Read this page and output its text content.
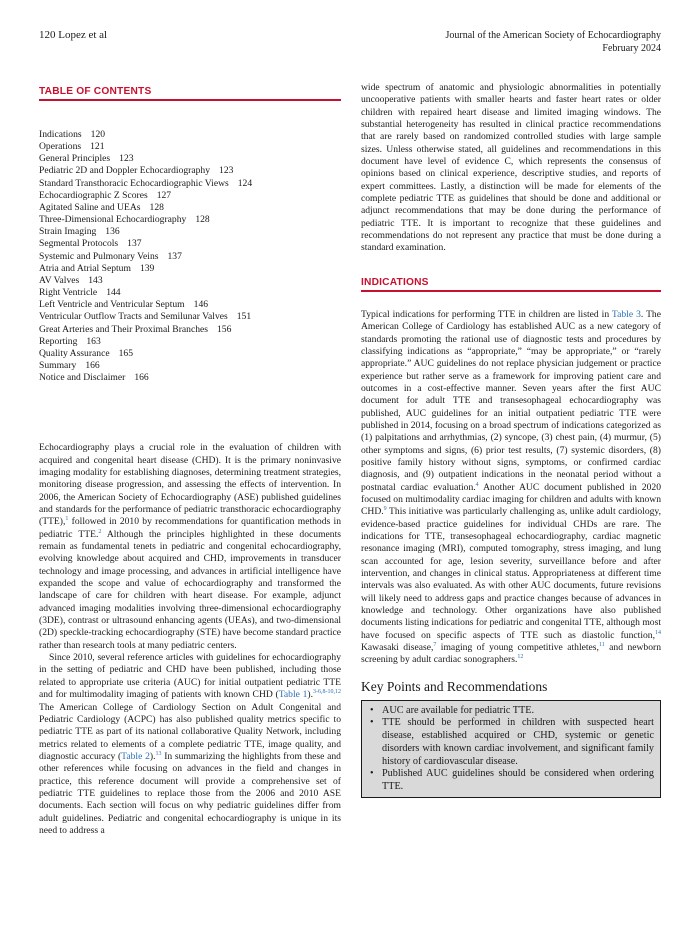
120 Lopez et al	Journal of the American Society of Echocardiography
February 2024
TABLE OF CONTENTS
Indications 120
Operations 121
General Principles 123
Pediatric 2D and Doppler Echocardiography 123
Standard Transthoracic Echocardiographic Views 124
Echocardiographic Z Scores 127
Agitated Saline and UEAs 128
Three-Dimensional Echocardiography 128
Strain Imaging 136
Segmental Protocols 137
Systemic and Pulmonary Veins 137
Atria and Atrial Septum 139
AV Valves 143
Right Ventricle 144
Left Ventricle and Ventricular Septum 146
Ventricular Outflow Tracts and Semilunar Valves 151
Great Arteries and Their Proximal Branches 156
Reporting 163
Quality Assurance 165
Summary 166
Notice and Disclaimer 166

Echocardiography plays a crucial role in the evaluation of children with acquired and congenital heart disease (CHD). It is the primary noninvasive imaging modality for establishing diagnoses, determining treatment strategies, monitoring disease progression, and assessing the effects of intervention. In 2006, the American Society of Echocardiography (ASE) published guidelines and standards for the performance of pediatric transthoracic echocardiography (TTE),$^1$ followed in 2010 by recommendations for quantification methods in pediatric TTE.$^2$ Although the principles highlighted in these documents remain as fundamental tenets in pediatric and congenital echocardiography, evolving knowledge about acquired and CHD, improvements in transducer technology and image processing, and advances in artificial intelligence have expanded the scope and value of echocardiography and transformed the landscape of care for children with heart disease. For example, adjunct advanced imaging modalities involving three-dimensional echocardiography (3DE), contrast or ultrasound enhancing agents (UEAs), and two-dimensional (2D) speckle-tracking echocardiography (STE) have become standard practice rather than research tools at many pediatric centers.

Since 2010, several reference articles with guidelines for echocardiography in the setting of pediatric and CHD have been published, including those related to appropriate use criteria (AUC) for initial outpatient pediatric TTE and for multimodality imaging of patients with known CHD (Table 1).$^{3-6,8-10,12}$ The American College of Cardiology Section on Adult Congenital and Pediatric Cardiology (ACPC) has also published quality metrics specific to pediatric TTE as part of its national collaborative Quality Network, including metrics related to elements of a complete pediatric TTE, image quality, and diagnostic accuracy (Table 2).$^{13}$ In summarizing the highlights from these and other references while focusing on advances in the field and changes in practice, this reference document will provide a comprehensive set of pediatric TTE guidelines to replace those from the 2006 and 2010 ASE documents. Each section will focus on why pediatric guidelines differ from adult guidelines. Pediatric and congenital echocardiography is unique in its need to address a

wide spectrum of anatomic and physiologic abnormalities in potentially uncooperative patients with smaller hearts and faster heart rates or older children with repaired heart disease and limited imaging windows. The substantial heterogeneity has resulted in clinical practice recommendations that are rarely based on randomized controlled studies with large sample sizes. Unless otherwise stated, all guidelines and recommendations in this document have level of evidence C, which represents the consensus of opinions based on clinical experience, descriptive studies, and reports of expert committees. Lastly, a distinction will be made for elements of the complete pediatric TTE as guidelines that should be done and additional or adjunct recommendations that may be done during the performance of pediatric TTE. It is important to recognize that these guidelines and recommendations do not represent any practice that must be done during a standard examination.

INDICATIONS

Typical indications for performing TTE in children are listed in Table 3. The American College of Cardiology has established AUC as a new category of standards promoting the rational use of diagnostic tests and procedures by classifying indications as “appropriate,” “may be appropriate,” or “rarely appropriate.” AUC guidelines do not replace physician judgement or practice experience but rather serve as a framework for improving patient care and outcomes in a cost-effective manner. Seven years after the first AUC document for adult TTE and transesophageal echocardiography was published, AUC guidelines for an initial outpatient pediatric TTE were published in 2014, focusing on a broad spectrum of indications categorized as (1) palpitations and arrhythmias, (2) syncope, (3) chest pain, (4) murmur, (5) other symptoms and signs, (6) prior test results, (7) systemic disorders, (8) positive family history without signs, symptoms, or confirmed cardiac diagnosis, and (9) outpatient indications in the neonatal period without a postnatal cardiac evaluation.$^4$ Another AUC document published in 2020 focused on multimodality cardiac imaging for children and adults with known CHD.$^9$ This initiative was particularly challenging as, unlike adult cardiology, evidence-based practice guidelines for individual CHDs are rare. The indications for TTE, transesophageal echocardiography, cardiac magnetic resonance imaging (MRI), computed tomography, stress imaging, and lung scan accounted for age, lesion severity, surveillance before and after intervention, and changes in clinical status. Appropriateness at different time intervals was also evaluated. As with other AUC documents, future revisions will likely need to address gaps and practice changes because of advances in knowledge and technology. Other organizations have also published documents listing indications for pediatric and congenital TTE, although most have focused on specific aspects of TTE such as diastolic function,$^{14}$ Kawasaki disease,$^7$ imaging of young competitive athletes,$^{11}$ and newborn screening by adult cardiac sonographers.$^{12}$

Key Points and Recommendations
• AUC are available for pediatric TTE.
• TTE should be performed in children with suspected heart disease, established acquired or CHD, systemic or genetic disorders with known cardiac involvement, and significant family history of cardiovascular disease.
• Published AUC guidelines should be considered when ordering TTE.
